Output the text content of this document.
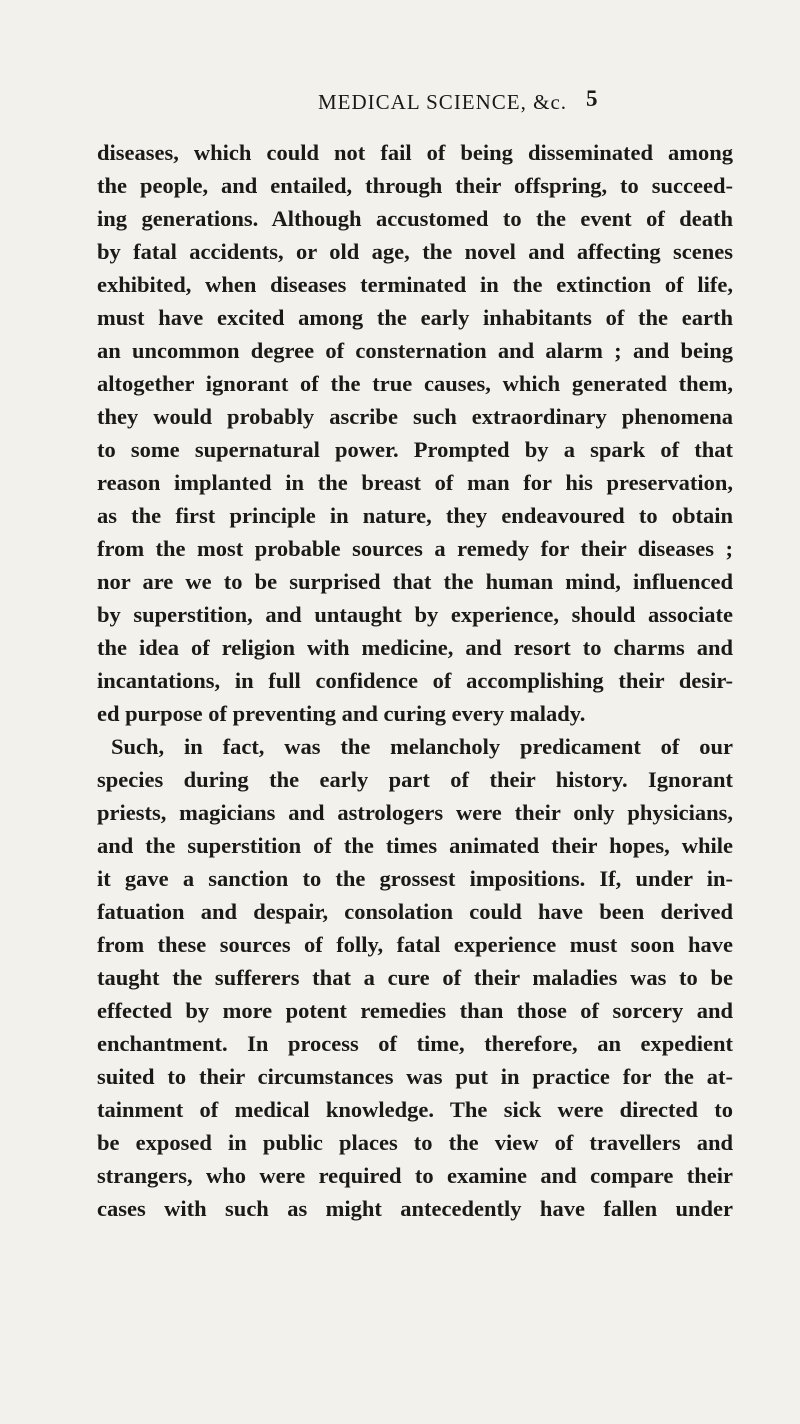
MEDICAL SCIENCE, &c. 5
diseases, which could not fail of being disseminated among
the people, and entailed, through their offspring, to succeed-
ing generations. Although accustomed to the event of death
by fatal accidents, or old age, the novel and affecting scenes
exhibited, when diseases terminated in the extinction of life,
must have excited among the early inhabitants of the earth
an uncommon degree of consternation and alarm ; and being
altogether ignorant of the true causes, which generated them,
they would probably ascribe such extraordinary phenomena
to some supernatural power. Prompted by a spark of that
reason implanted in the breast of man for his preservation,
as the first principle in nature, they endeavoured to obtain
from the most probable sources a remedy for their diseases ;
nor are we to be surprised that the human mind, influenced
by superstition, and untaught by experience, should associate
the idea of religion with medicine, and resort to charms and
incantations, in full confidence of accomplishing their desir-
ed purpose of preventing and curing every malady.
Such, in fact, was the melancholy predicament of our
species during the early part of their history. Ignorant
priests, magicians and astrologers were their only physicians,
and the superstition of the times animated their hopes, while
it gave a sanction to the grossest impositions. If, under in-
fatuation and despair, consolation could have been derived
from these sources of folly, fatal experience must soon have
taught the sufferers that a cure of their maladies was to be
effected by more potent remedies than those of sorcery and
enchantment. In process of time, therefore, an expedient
suited to their circumstances was put in practice for the at-
tainment of medical knowledge. The sick were directed to
be exposed in public places to the view of travellers and
strangers, who were required to examine and compare their
cases with such as might antecedently have fallen under
